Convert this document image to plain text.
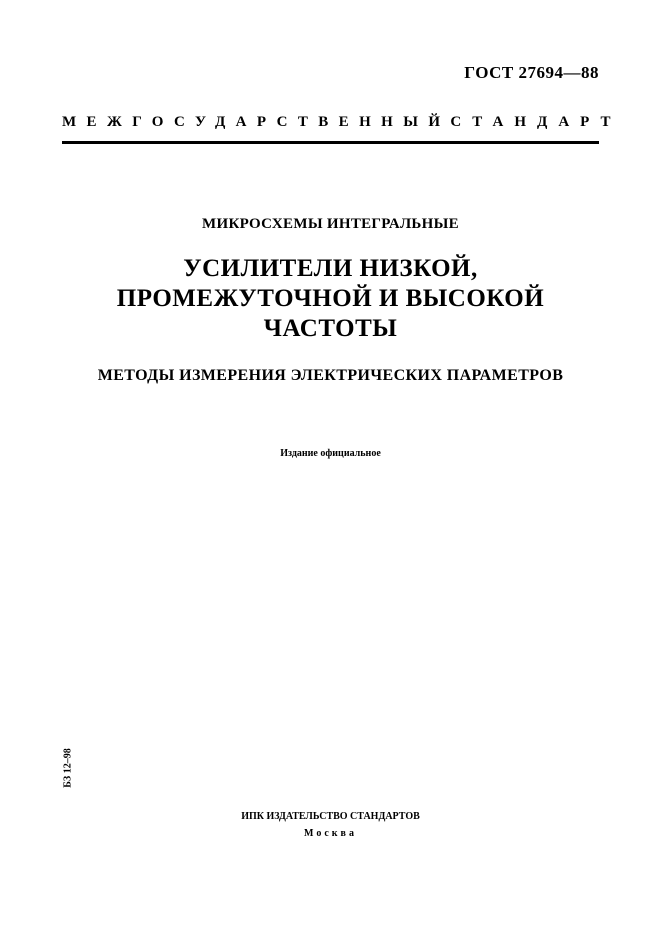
ГОСТ 27694—88
МЕЖГОСУДАРСТВЕННЫЙ СТАНДАРТ
МИКРОСХЕМЫ ИНТЕГРАЛЬНЫЕ
УСИЛИТЕЛИ НИЗКОЙ,
ПРОМЕЖУТОЧНОЙ И ВЫСОКОЙ
ЧАСТОТЫ
МЕТОДЫ ИЗМЕРЕНИЯ ЭЛЕКТРИЧЕСКИХ ПАРАМЕТРОВ
Издание официальное
БЗ 12–98
ИПК ИЗДАТЕЛЬСТВО СТАНДАРТОВ
Москва
